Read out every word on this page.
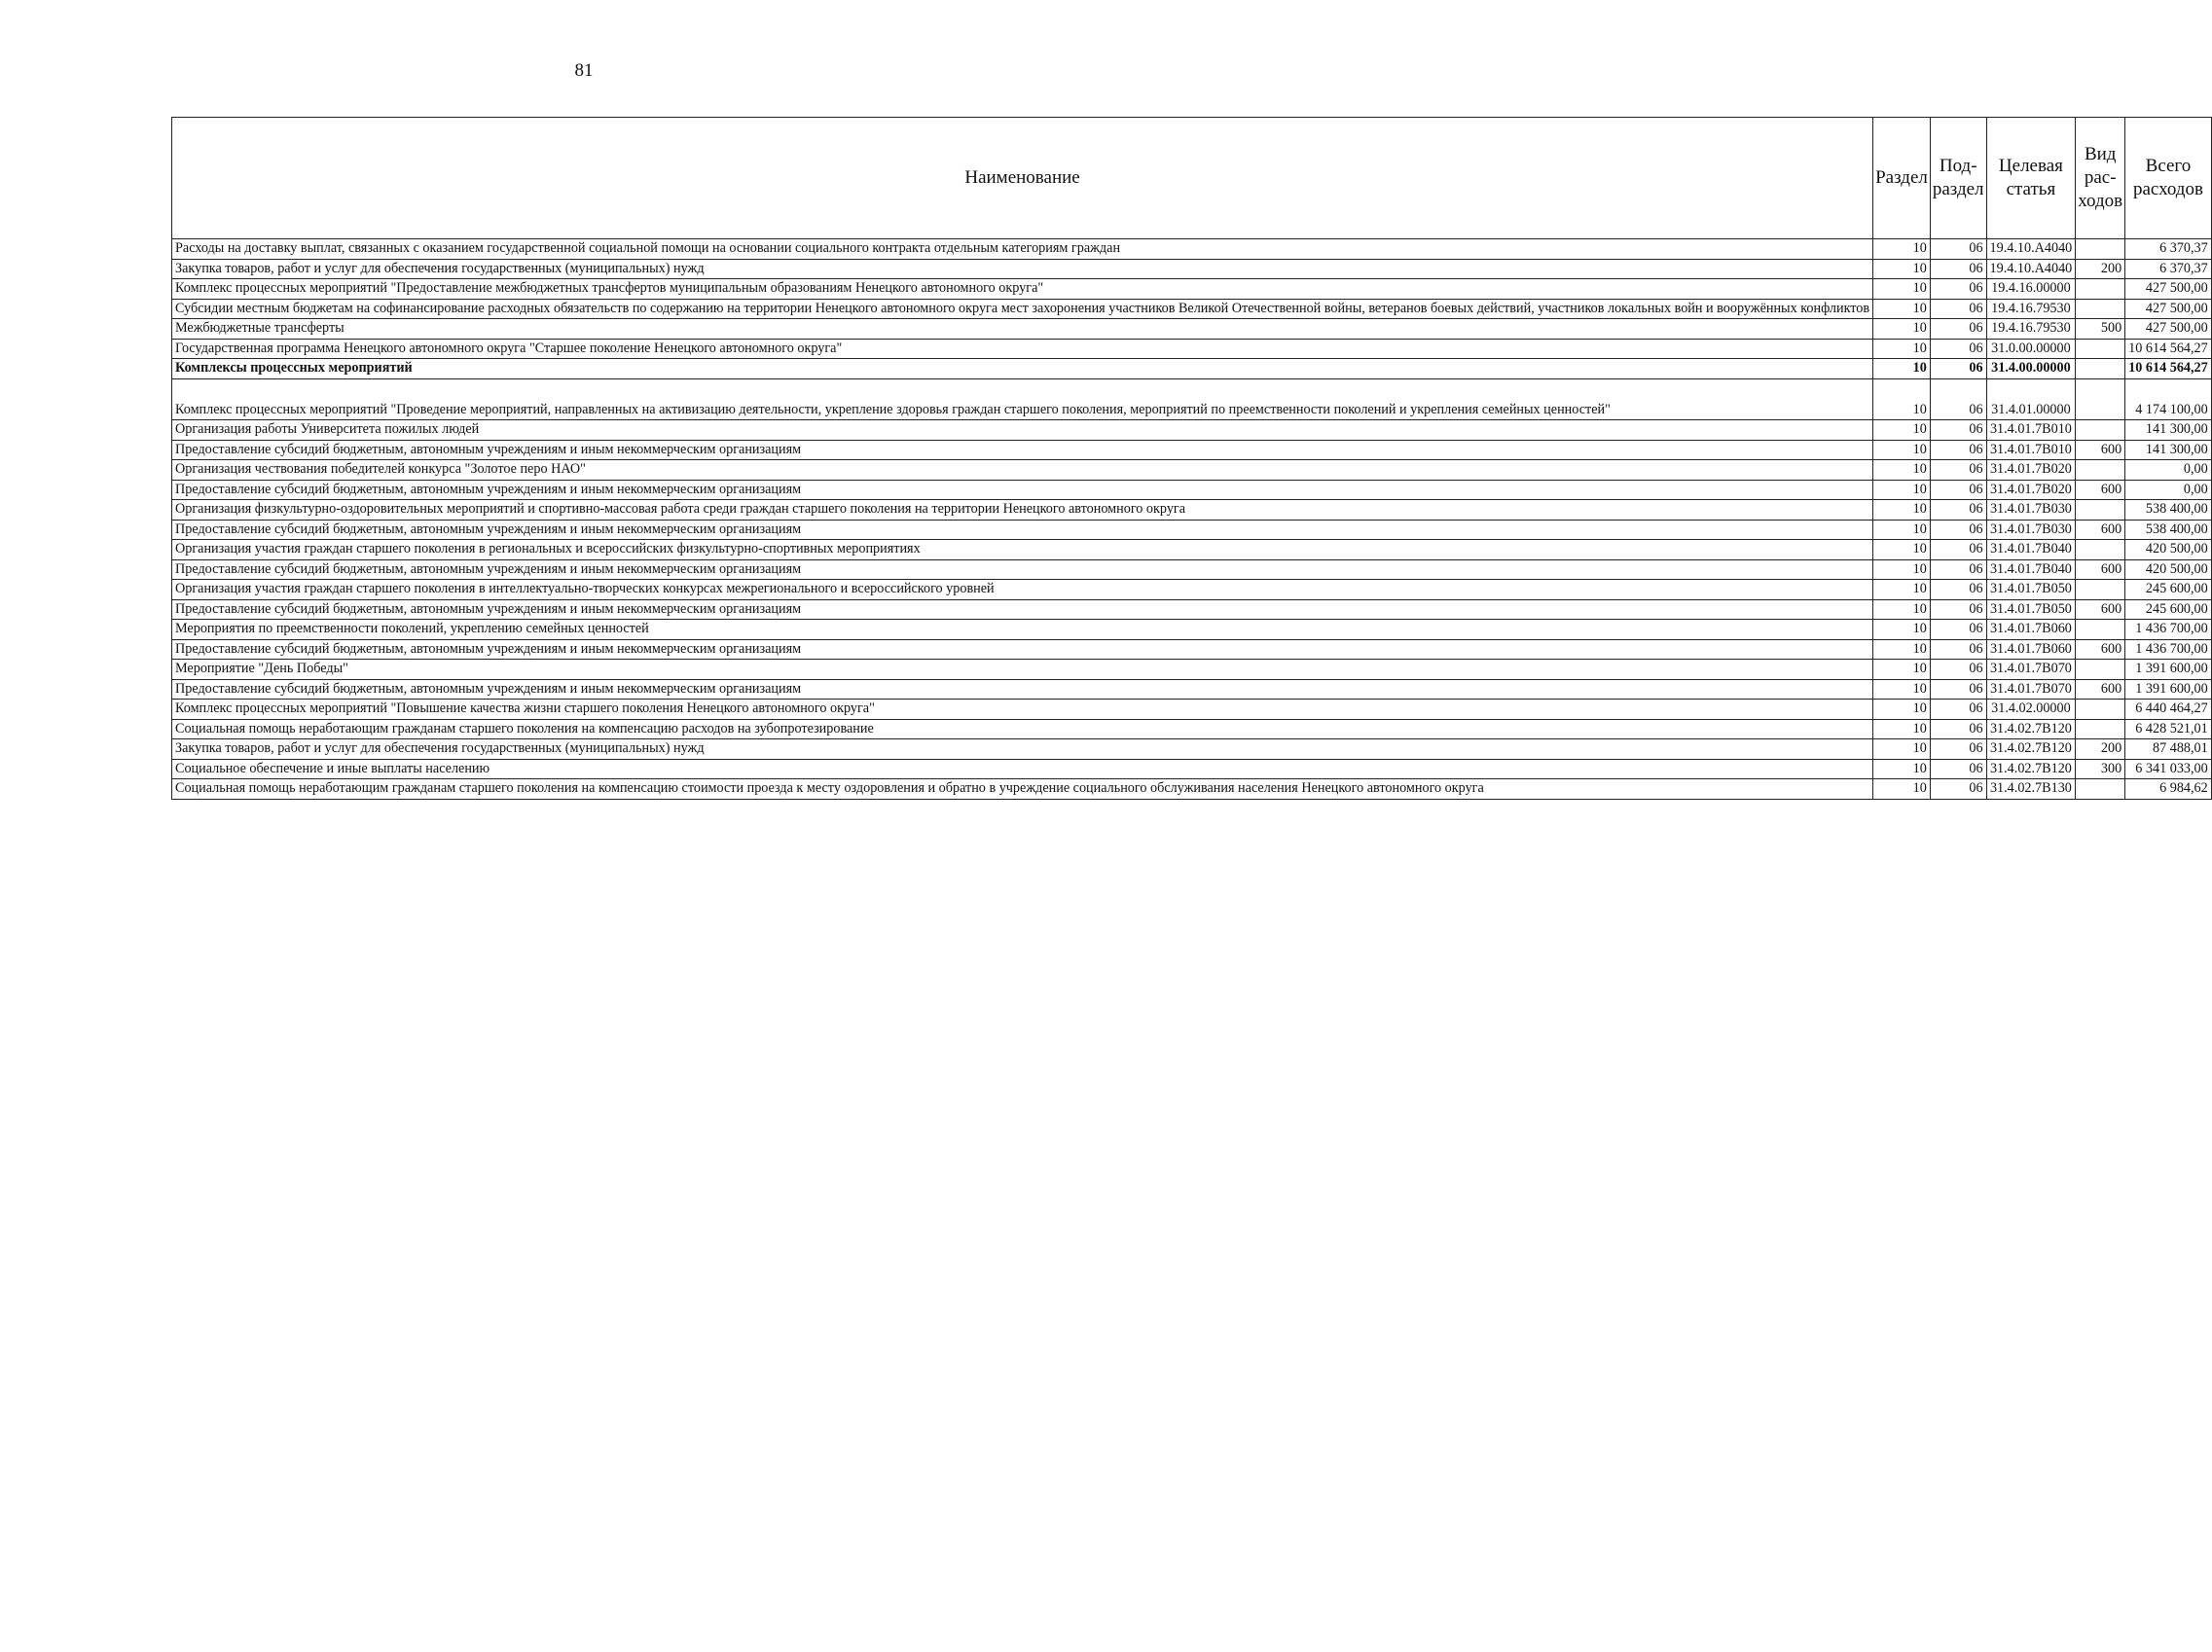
81
Наименование	Раздел	Под-раздел	Целевая статья	Вид рас-ходов	Всего расходов
Расходы на доставку выплат, связанных с оказанием государственной социальной помощи на основании социального контракта отдельным категориям граждан	10	06	19.4.10.А4040		6 370,37
Закупка товаров, работ и услуг для обеспечения государственных (муниципальных) нужд	10	06	19.4.10.А4040	200	6 370,37
Комплекс процессных мероприятий "Предоставление межбюджетных трансфертов муниципальным образованиям Ненецкого автономного округа"	10	06	19.4.16.00000		427 500,00
Субсидии местным бюджетам на софинансирование расходных обязательств по содержанию на территории Ненецкого автономного округа мест захоронения участников Великой Отечественной войны, ветеранов боевых действий, участников локальных войн и вооружённых конфликтов	10	06	19.4.16.79530		427 500,00
Межбюджетные трансферты	10	06	19.4.16.79530	500	427 500,00
Государственная программа Ненецкого автономного округа "Старшее поколение Ненецкого автономного округа"	10	06	31.0.00.00000		10 614 564,27
Комплексы процессных мероприятий	10	06	31.4.00.00000		10 614 564,27
Комплекс процессных мероприятий "Проведение мероприятий, направленных на активизацию деятельности, укрепление здоровья граждан старшего поколения, мероприятий по преемственности поколений и укрепления семейных ценностей"	10	06	31.4.01.00000		4 174 100,00
Организация работы Университета пожилых людей	10	06	31.4.01.7В010		141 300,00
Предоставление субсидий бюджетным, автономным учреждениям и иным некоммерческим организациям	10	06	31.4.01.7В010	600	141 300,00
Организация чествования победителей конкурса "Золотое перо НАО"	10	06	31.4.01.7В020		0,00
Предоставление субсидий бюджетным, автономным учреждениям и иным некоммерческим организациям	10	06	31.4.01.7В020	600	0,00
Организация физкультурно-оздоровительных мероприятий и спортивно-массовая работа среди граждан старшего поколения на территории Ненецкого автономного округа	10	06	31.4.01.7В030		538 400,00
Предоставление субсидий бюджетным, автономным учреждениям и иным некоммерческим организациям	10	06	31.4.01.7В030	600	538 400,00
Организация участия граждан старшего поколения в региональных и всероссийских физкультурно-спортивных мероприятиях	10	06	31.4.01.7В040		420 500,00
Предоставление субсидий бюджетным, автономным учреждениям и иным некоммерческим организациям	10	06	31.4.01.7В040	600	420 500,00
Организация участия граждан старшего поколения в интеллектуально-творческих конкурсах межрегионального и всероссийского уровней	10	06	31.4.01.7В050		245 600,00
Предоставление субсидий бюджетным, автономным учреждениям и иным некоммерческим организациям	10	06	31.4.01.7В050	600	245 600,00
Мероприятия по преемственности поколений, укреплению семейных ценностей	10	06	31.4.01.7В060		1 436 700,00
Предоставление субсидий бюджетным, автономным учреждениям и иным некоммерческим организациям	10	06	31.4.01.7В060	600	1 436 700,00
Мероприятие "День Победы"	10	06	31.4.01.7В070		1 391 600,00
Предоставление субсидий бюджетным, автономным учреждениям и иным некоммерческим организациям	10	06	31.4.01.7В070	600	1 391 600,00
Комплекс процессных мероприятий "Повышение качества жизни старшего поколения Ненецкого автономного округа"	10	06	31.4.02.00000		6 440 464,27
Социальная помощь неработающим гражданам старшего поколения на компенсацию расходов на зубопротезирование	10	06	31.4.02.7В120		6 428 521,01
Закупка товаров, работ и услуг для обеспечения государственных (муниципальных) нужд	10	06	31.4.02.7В120	200	87 488,01
Социальное обеспечение и иные выплаты населению	10	06	31.4.02.7В120	300	6 341 033,00
Социальная помощь неработающим гражданам старшего поколения на компенсацию стоимости проезда к месту оздоровления и обратно в учреждение социального обслуживания населения Ненецкого автономного округа	10	06	31.4.02.7В130		6 984,62
